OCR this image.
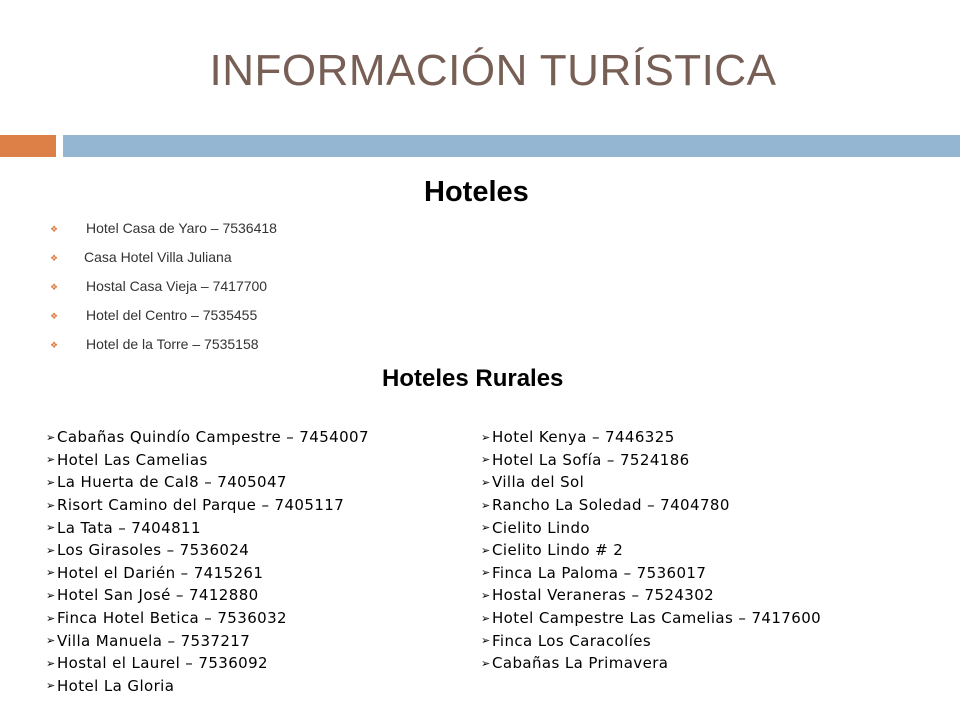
INFORMACIÓN TURÍSTICA
Hoteles
❖	Hotel Casa de Yaro – 7536418
❖	Casa Hotel Villa Juliana
❖	Hostal Casa Vieja – 7417700
❖	Hotel del Centro – 7535455
❖	Hotel de la Torre – 7535158
Hoteles Rurales
➢ Cabañas Quindío Campestre – 7454007
➢ Hotel Las Camelias
➢ La Huerta de Cal8 – 7405047
➢ Risort Camino del Parque – 7405117
➢ La Tata – 7404811
➢ Los Girasoles – 7536024
➢ Hotel el Darién – 7415261
➢ Hotel San José – 7412880
➢ Finca Hotel Betica – 7536032
➢ Villa Manuela – 7537217
➢ Hostal el Laurel – 7536092
➢ Hotel La Gloria
➢ Hotel Kenya – 7446325
➢ Hotel La Sofía – 7524186
➢ Villa del Sol
➢ Rancho La Soledad – 7404780
➢ Cielito Lindo
➢ Cielito Lindo # 2
➢ Finca La Paloma – 7536017
➢ Hostal Veraneras – 7524302
➢ Hotel Campestre Las Camelias – 7417600
➢ Finca Los Caracolíes
➢ Cabañas La Primavera
